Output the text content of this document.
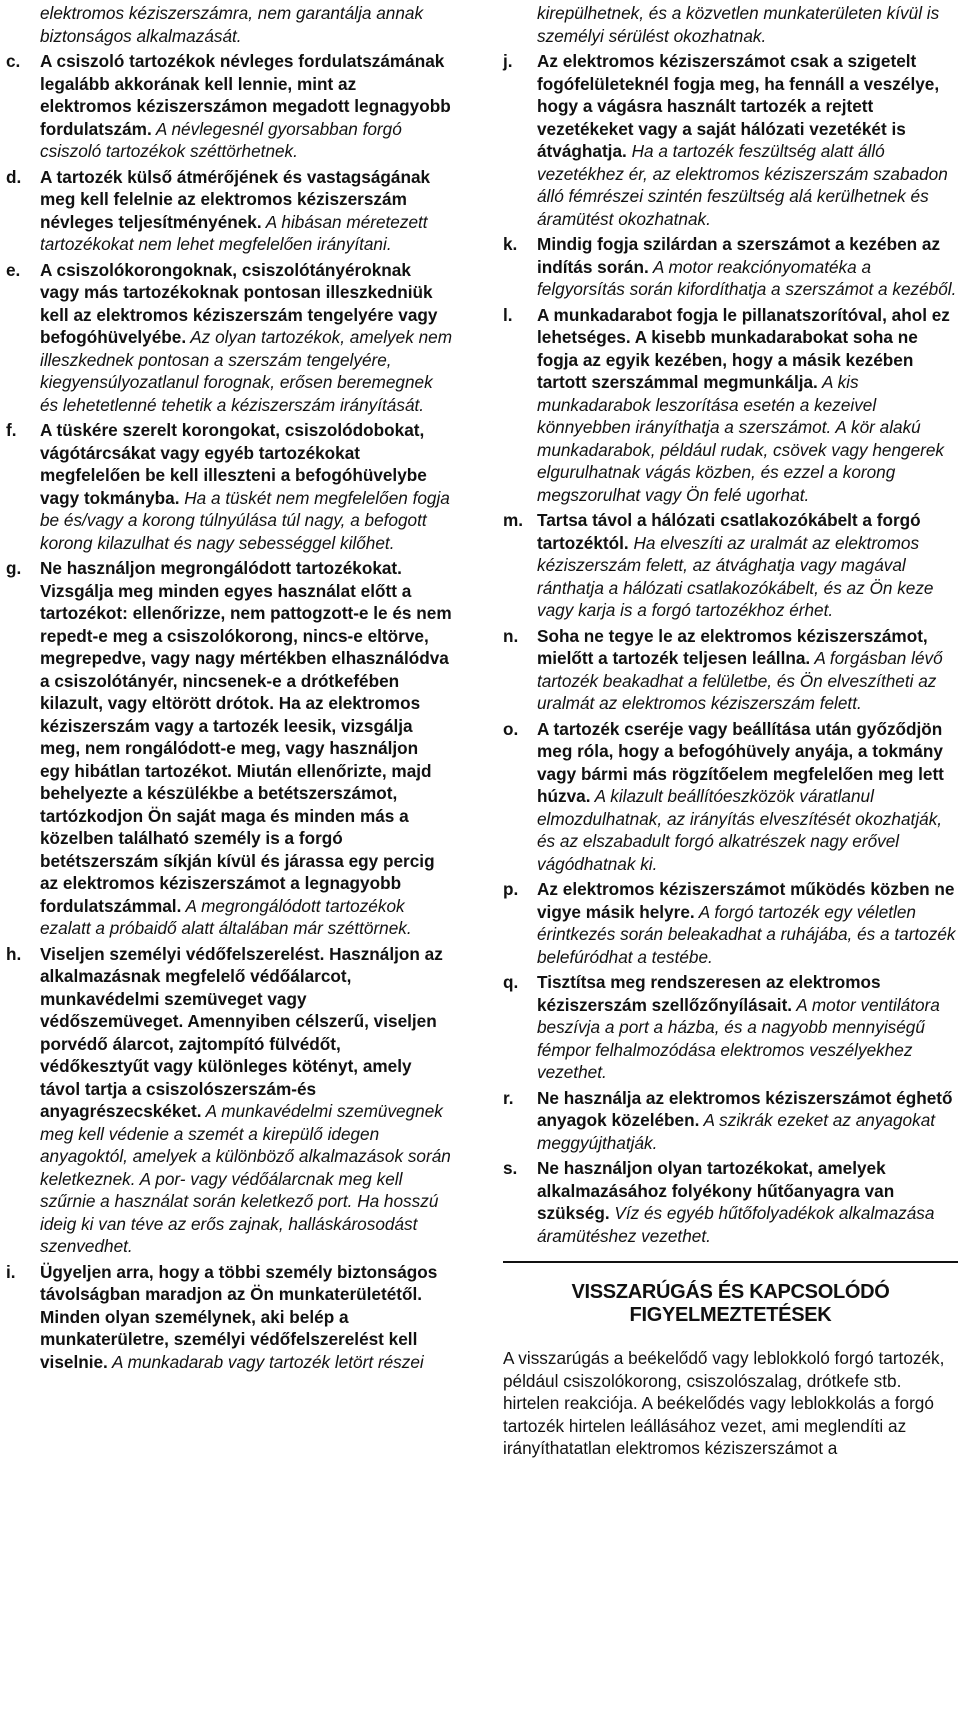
elektromos kéziszerszámra, nem garantálja annak biztonságos alkalmazását.
c. A csiszoló tartozékok névleges fordulatszámának legalább akkorának kell lennie, mint az elektromos kéziszerszámon megadott legnagyobb fordulatszám. A névlegesnél gyorsabban forgó csiszoló tartozékok széttörhetnek.
d. A tartozék külső átmérőjének és vastagságának meg kell felelnie az elektromos kéziszerszám névleges teljesítményének. A hibásan méretezett tartozékokat nem lehet megfelelően irányítani.
e. A csiszolókorongoknak, csiszolótányéroknak vagy más tartozékoknak pontosan illeszkedniük kell az elektromos kéziszerszám tengelyére vagy befogóhüvelyébe. Az olyan tartozékok, amelyek nem illeszkednek pontosan a szerszám tengelyére, kiegyensúlyozatlanul forognak, erősen beremegnek és lehetetlenné tehetik a kéziszerszám irányítását.
f. A tüskére szerelt korongokat, csiszolódobokat, vágótárcsákat vagy egyéb tartozékokat megfelelően be kell illeszteni a befogóhüvelybe vagy tokmányba. Ha a tüskét nem megfelelően fogja be és/vagy a korong túlnyúlása túl nagy, a befogott korong kilazulhat és nagy sebességgel kilőhet.
g. Ne használjon megrongálódott tartozékokat. Vizsgálja meg minden egyes használat előtt a tartozékot: ellenőrizze, nem pattogzott-e le és nem repedt-e meg a csiszolókorong, nincs-e eltörve, megrepedve, vagy nagy mértékben elhasználódva a csiszolótányér, nincsenek-e a drótkefében kilazult, vagy eltörött drótok. Ha az elektromos kéziszerszám vagy a tartozék leesik, vizsgálja meg, nem rongálódott-e meg, vagy használjon egy hibátlan tartozékot. Miután ellenőrizte, majd behelyezte a készülékbe a betétszerszámot, tartózkodjon Ön saját maga és minden más a közelben található személy is a forgó betétszerszám síkján kívül és járassa egy percig az elektromos kéziszerszámot a legnagyobb fordulatszámmal. A megrongálódott tartozékok ezalatt a próbaidő alatt általában már széttörnek.
h. Viseljen személyi védőfelszerelést. Használjon az alkalmazásnak megfelelő védőálarcot, munkavédelmi szemüveget vagy védőszemüveget. Amennyiben célszerű, viseljen porvédő álarcot, zajtompító fülvédőt, védőkesztyűt vagy különleges kötényt, amely távol tartja a csiszolószerszám-és anyagrészecskéket. A munkavédelmi szemüvegnek meg kell védenie a szemét a kirepülő idegen anyagoktól, amelyek a különböző alkalmazások során keletkeznek. A por- vagy védőálarcnak meg kell szűrnie a használat során keletkező port. Ha hosszú ideig ki van téve az erős zajnak, halláskárosodást szenvedhet.
i. Ügyeljen arra, hogy a többi személy biztonságos távolságban maradjon az Ön munkaterületétől. Minden olyan személynek, aki belép a munkaterületre, személyi védőfelszerelést kell viselnie. A munkadarab vagy tartozék letört részei
kirepülhetnek, és a közvetlen munkaterületen kívül is személyi sérülést okozhatnak.
j. Az elektromos kéziszerszámot csak a szigetelt fogófelületeknél fogja meg, ha fennáll a veszélye, hogy a vágásra használt tartozék a rejtett vezetékeket vagy a saját hálózati vezetékét is átvághatja. Ha a tartozék feszültség alatt álló vezetékhez ér, az elektromos kéziszerszám szabadon álló fémrészei szintén feszültség alá kerülhetnek és áramütést okozhatnak.
k. Mindig fogja szilárdan a szerszámot a kezében az indítás során. A motor reakciónyomatéka a felgyorsítás során kifordíthatja a szerszámot a kezéből.
l. A munkadarabot fogja le pillanatszorítóval, ahol ez lehetséges. A kisebb munkadarabokat soha ne fogja az egyik kezében, hogy a másik kezében tartott szerszámmal megmunkálja. A kis munkadarabok leszorítása esetén a kezeivel könnyebben irányíthatja a szerszámot. A kör alakú munkadarabok, például rudak, csövek vagy hengerek elgurulhatnak vágás közben, és ezzel a korong megszorulhat vagy Ön felé ugorhat.
m. Tartsa távol a hálózati csatlakozókábelt a forgó tartozéktól. Ha elveszíti az uralmát az elektromos kéziszerszám felett, az átvághatja vagy magával ránthatja a hálózati csatlakozókábelt, és az Ön keze vagy karja is a forgó tartozékhoz érhet.
n. Soha ne tegye le az elektromos kéziszerszámot, mielőtt a tartozék teljesen leállna. A forgásban lévő tartozék beakadhat a felületbe, és Ön elveszítheti az uralmát az elektromos kéziszerszám felett.
o. A tartozék cseréje vagy beállítása után győződjön meg róla, hogy a befogóhüvely anyája, a tokmány vagy bármi más rögzítőelem megfelelően meg lett húzva. A kilazult beállítóeszközök váratlanul elmozdulhatnak, az irányítás elveszítését okozhatják, és az elszabadult forgó alkatrészek nagy erővel vágódhatnak ki.
p. Az elektromos kéziszerszámot működés közben ne vigye másik helyre. A forgó tartozék egy véletlen érintkezés során beleakadhat a ruhájába, és a tartozék belefúródhat a testébe.
q. Tisztítsa meg rendszeresen az elektromos kéziszerszám szellőzőnyílásait. A motor ventilátora beszívja a port a házba, és a nagyobb mennyiségű fémpor felhalmozódása elektromos veszélyekhez vezethet.
r. Ne használja az elektromos kéziszerszámot éghető anyagok közelében. A szikrák ezeket az anyagokat meggyújthatják.
s. Ne használjon olyan tartozékokat, amelyek alkalmazásához folyékony hűtőanyagra van szükség. Víz és egyéb hűtőfolyadékok alkalmazása áramütéshez vezethet.
VISSZARÚGÁS ÉS KAPCSOLÓDÓ
FIGYELMEZTETÉSEK
A visszarúgás a beékelődő vagy leblokkoló forgó tartozék, például csiszolókorong, csiszolószalag, drótkefe stb. hirtelen reakciója. A beékelődés vagy leblokkolás a forgó tartozék hirtelen leállásához vezet, ami meglendíti az irányíthatatlan elektromos kéziszerszámot a
